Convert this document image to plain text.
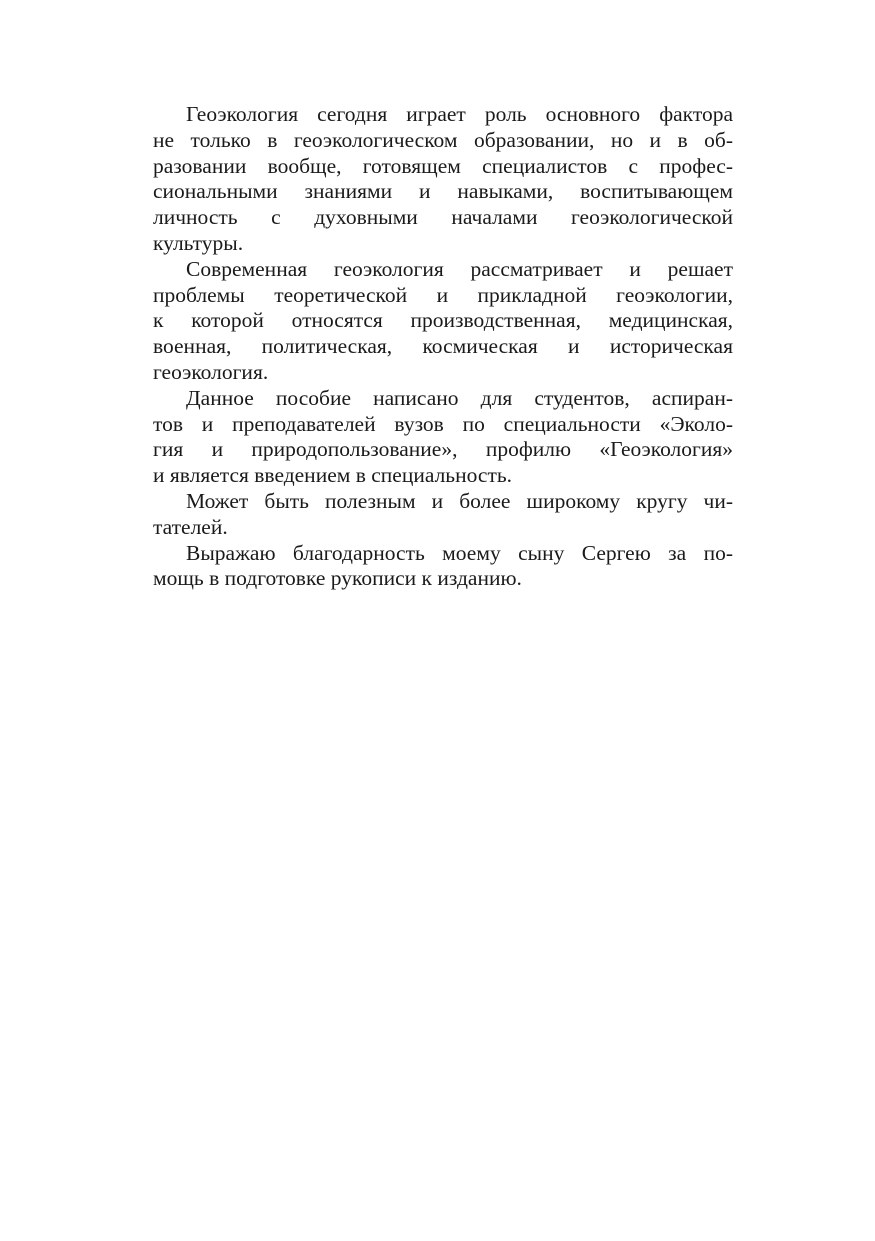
Геоэкология сегодня играет роль основного фактора
не только в геоэкологическом образовании, но и в об-
разовании вообще, готовящем специалистов с профес-
сиональными знаниями и навыками, воспитывающем
личность с духовными началами геоэкологической
культуры.

Современная геоэкология рассматривает и решает
проблемы теоретической и прикладной геоэкологии,
к которой относятся производственная, медицинская,
военная, политическая, космическая и историческая
геоэкология.

Данное пособие написано для студентов, аспиран-
тов и преподавателей вузов по специальности «Эколо-
гия и природопользование», профилю «Геоэкология»
и является введением в специальность.

Может быть полезным и более широкому кругу чи-
тателей.

Выражаю благодарность моему сыну Сергею за по-
мощь в подготовке рукописи к изданию.
